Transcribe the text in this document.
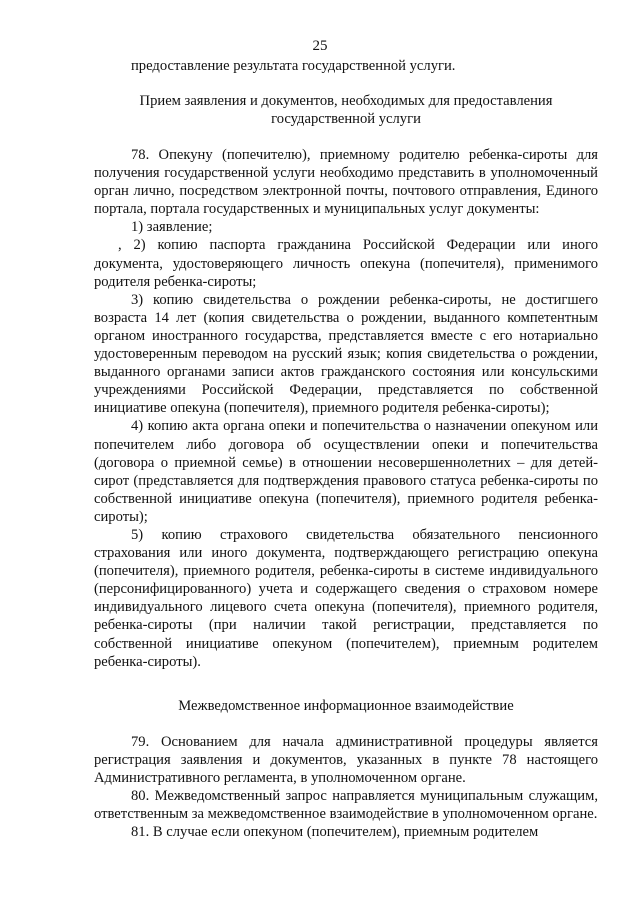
25

предоставление результата государственной услуги.

Прием заявления и документов, необходимых для предоставления
государственной услуги

78. Опекуну (попечителю), приемному родителю ребенка-сироты для получения государственной услуги необходимо представить в уполномоченный орган лично, посредством электронной почты, почтового отправления, Единого портала, портала государственных и муниципальных услуг документы:

1) заявление;

, 2) копию паспорта гражданина Российской Федерации или иного документа, удостоверяющего личность опекуна (попечителя), применимого родителя ребенка-сироты;

3) копию свидетельства о рождении ребенка-сироты, не достигшего возраста 14 лет (копия свидетельства о рождении, выданного компетентным органом иностранного государства, представляется вместе с его нотариально удостоверенным переводом на русский язык; копия свидетельства о рождении, выданного органами записи актов гражданского состояния или консульскими учреждениями Российской Федерации, представляется по собственной инициативе опекуна (попечителя), приемного родителя ребенка-сироты);

4) копию акта органа опеки и попечительства о назначении опекуном или попечителем либо договора об осуществлении опеки и попечительства (договора о приемной семье) в отношении несовершеннолетних – для детей-сирот (представляется для подтверждения правового статуса ребенка-сироты по собственной инициативе опекуна (попечителя), приемного родителя ребенка-сироты);

5) копию страхового свидетельства обязательного пенсионного страхования или иного документа, подтверждающего регистрацию опекуна (попечителя), приемного родителя, ребенка-сироты в системе индивидуального (персонифицированного) учета и содержащего сведения о страховом номере индивидуального лицевого счета опекуна (попечителя), приемного родителя, ребенка-сироты (при наличии такой регистрации, представляется по собственной инициативе опекуном (попечителем), приемным родителем ребенка-сироты).

Межведомственное информационное взаимодействие

79. Основанием для начала административной процедуры является регистрация заявления и документов, указанных в пункте 78 настоящего Административного регламента, в уполномоченном органе.

80. Межведомственный запрос направляется муниципальным служащим, ответственным за межведомственное взаимодействие в уполномоченном органе.

81. В случае если опекуном (попечителем), приемным родителем
